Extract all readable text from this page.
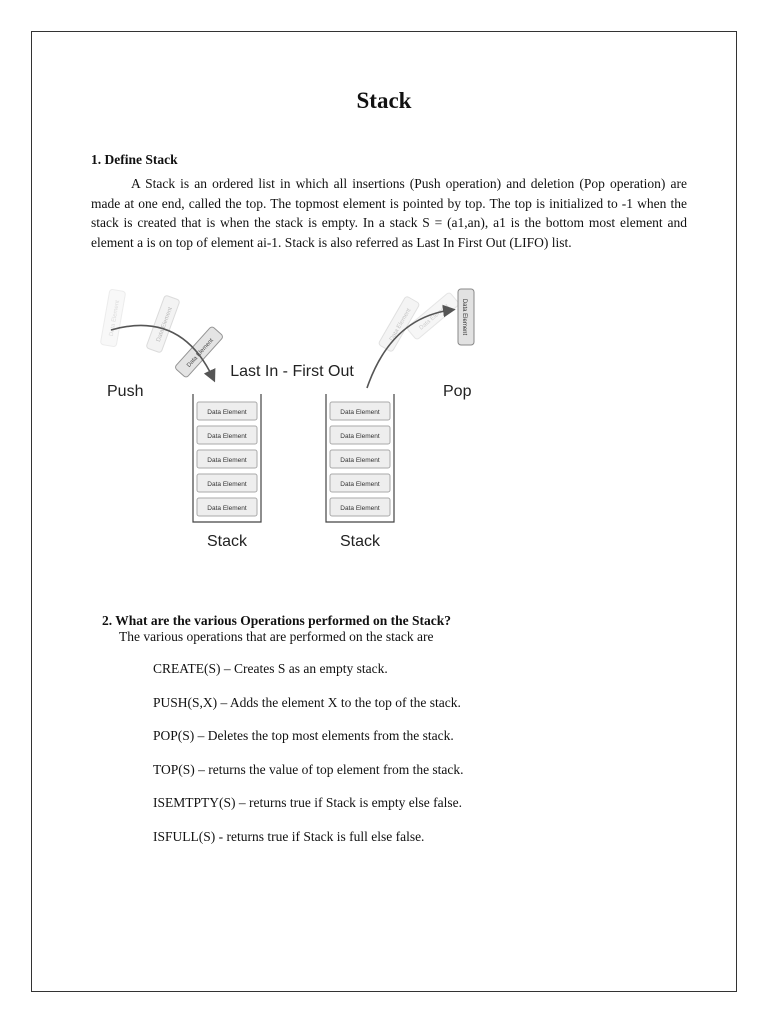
Stack
1. Define Stack

A Stack is an ordered list in which all insertions (Push operation) and deletion (Pop operation) are made at one end, called the top. The topmost element is pointed by top. The top is initialized to -1 when the stack is created that is when the stack is empty. In a stack S = (a1,an), a1 is the bottom most element and element a is on top of element ai-1. Stack is also referred as Last In First Out (LIFO) list.

Data Element	Data Element
Data Element
Data Element Data Element Data Element
Push
Last In - First Out
Pop
Data Element
Data Element
Data Element
Data Element
Data Element
Stack
Data Element
Data Element
Data Element
Data Element
Data Element
Stack
2. What are the various Operations performed on the Stack?
The various operations that are performed on the stack are
CREATE(S) – Creates S as an empty stack.
PUSH(S,X) – Adds the element X to the top of the stack.
POP(S) – Deletes the top most elements from the stack.
TOP(S) – returns the value of top element from the stack.
ISEMTPTY(S) – returns true if Stack is empty else false.
ISFULL(S) - returns true if Stack is full else false.
